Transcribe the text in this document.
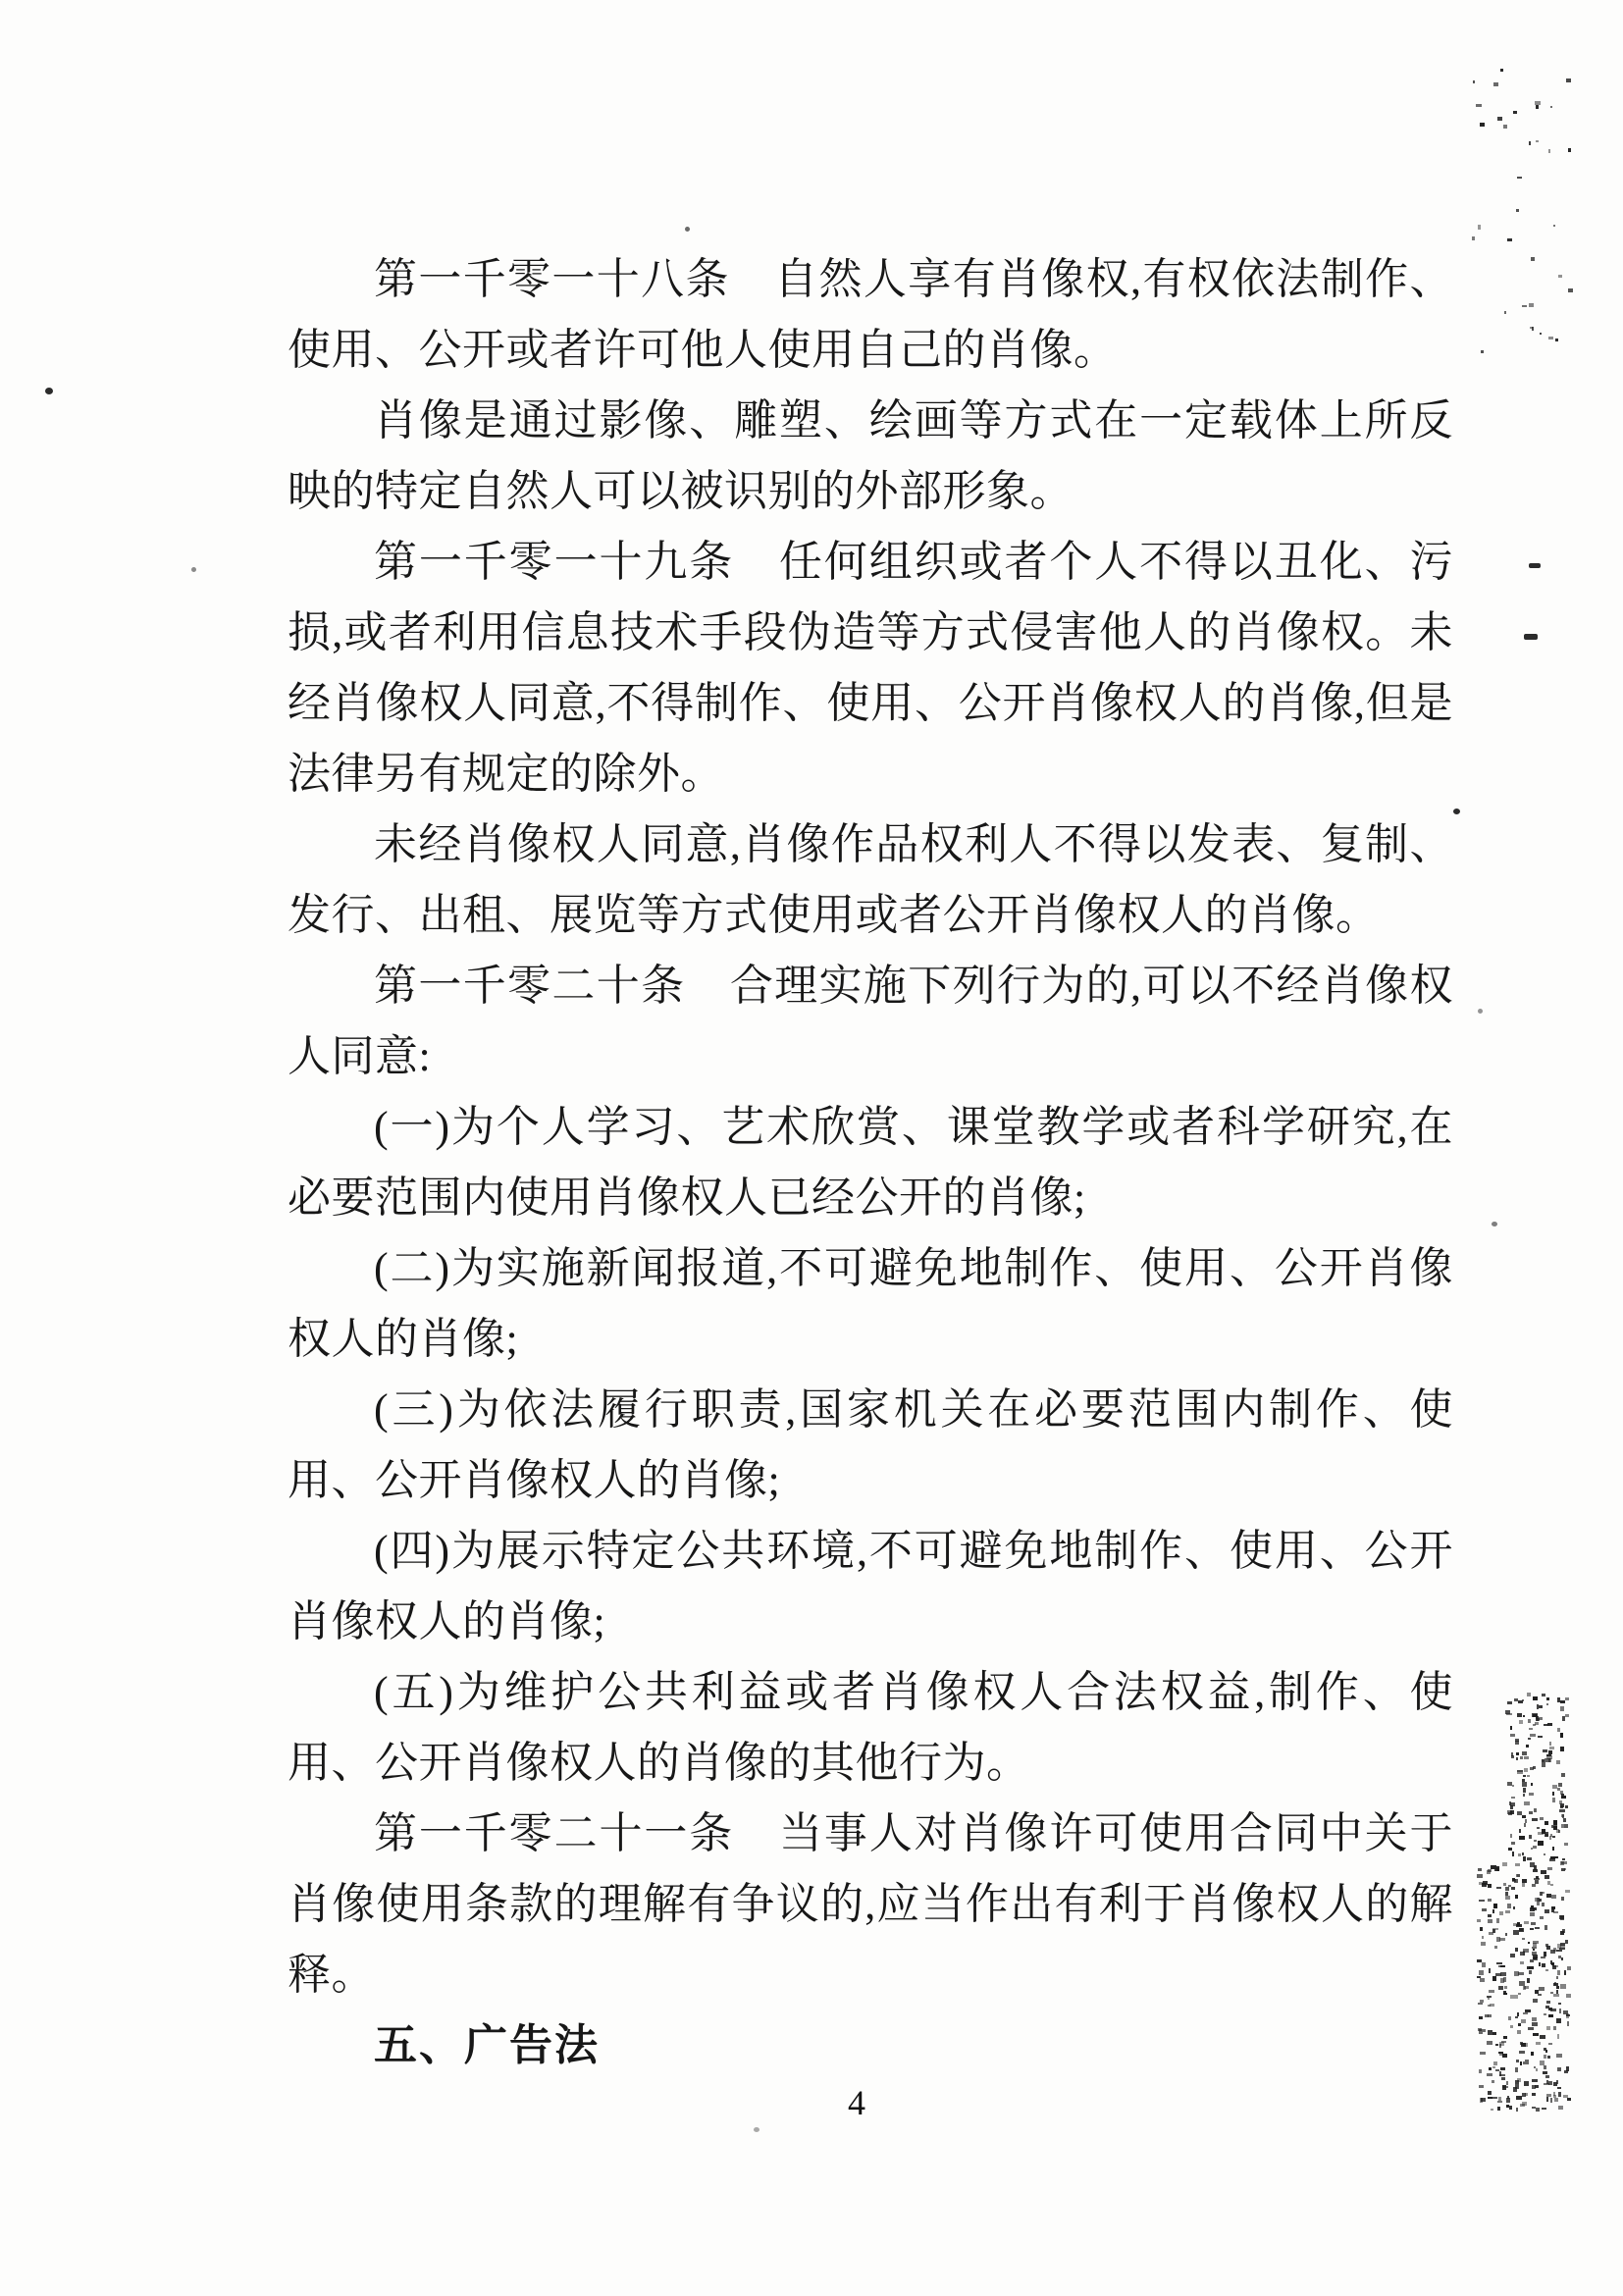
第一千零一十八条　自然人享有肖像权,有权依法制作、使用、公开或者许可他人使用自己的肖像。

肖像是通过影像、雕塑、绘画等方式在一定载体上所反映的特定自然人可以被识别的外部形象。

第一千零一十九条　任何组织或者个人不得以丑化、污损,或者利用信息技术手段伪造等方式侵害他人的肖像权。未经肖像权人同意,不得制作、使用、公开肖像权人的肖像,但是法律另有规定的除外。

未经肖像权人同意,肖像作品权利人不得以发表、复制、发行、出租、展览等方式使用或者公开肖像权人的肖像。

第一千零二十条　合理实施下列行为的,可以不经肖像权人同意:

(一)为个人学习、艺术欣赏、课堂教学或者科学研究,在必要范围内使用肖像权人已经公开的肖像;

(二)为实施新闻报道,不可避免地制作、使用、公开肖像权人的肖像;

(三)为依法履行职责,国家机关在必要范围内制作、使用、公开肖像权人的肖像;

(四)为展示特定公共环境,不可避免地制作、使用、公开肖像权人的肖像;

(五)为维护公共利益或者肖像权人合法权益,制作、使用、公开肖像权人的肖像的其他行为。

第一千零二十一条　当事人对肖像许可使用合同中关于肖像使用条款的理解有争议的,应当作出有利于肖像权人的解释。

五、广告法

4
